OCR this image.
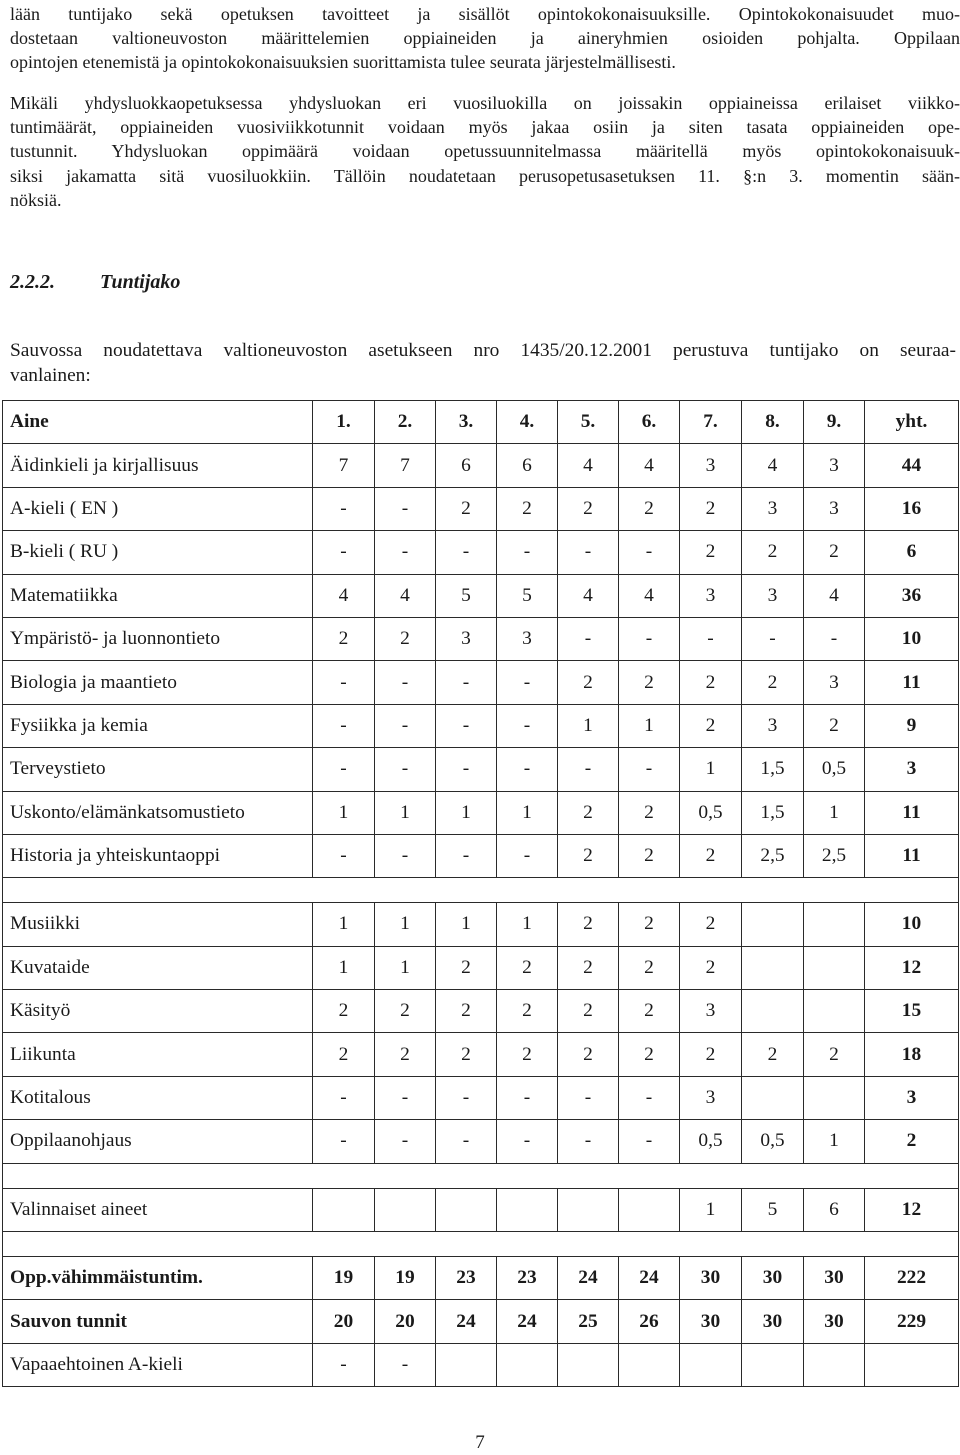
lään tuntijako sekä opetuksen tavoitteet ja sisällöt opintokokonaisuuksille. Opintokokonaisuudet muo-
dostetaan valtioneuvoston määrittelemien oppiaineiden ja aineryhmien osioiden pohjalta. Oppilaan
opintojen etenemistä ja opintokokonaisuuksien suorittamista tulee seurata järjestelmällisesti.
Mikäli yhdysluokkaopetuksessa yhdysluokan eri vuosiluokilla on joissakin oppiaineissa erilaiset viikko-
tuntimäärät, oppiaineiden vuosiviikkotunnit voidaan myös jakaa osiin ja siten tasata oppiaineiden ope-
tustunnit. Yhdysluokan oppimäärä voidaan opetussuunnitelmassa määritellä myös opintokokonaisuuk-
siksi jakamatta sitä vuosiluokkiin. Tällöin noudatetaan perusopetusasetuksen 11. §:n 3. momentin sään-
nöksiä.
2.2.2. Tuntijako
Sauvossa noudatettava valtioneuvoston asetukseen nro 1435/20.12.2001 perustuva tuntijako on seuraa-
vanlainen:
Aine	1.	2.	3.	4.	5.	6.	7.	8.	9.	yht.
Äidinkieli ja kirjallisuus	7	7	6	6	4	4	3	4	3	44
A-kieli ( EN )	-	-	2	2	2	2	2	3	3	16
B-kieli ( RU )	-	-	-	-	-	-	2	2	2	6
Matematiikka	4	4	5	5	4	4	3	3	4	36
Ympäristö- ja luonnontieto	2	2	3	3	-	-	-	-	-	10
Biologia ja maantieto	-	-	-	-	2	2	2	2	3	11
Fysiikka ja kemia	-	-	-	-	1	1	2	3	2	9
Terveystieto	-	-	-	-	-	-	1	1,5	0,5	3
Uskonto/elämänkatsomustieto	1	1	1	1	2	2	0,5	1,5	1	11
Historia ja yhteiskuntaoppi	-	-	-	-	2	2	2	2,5	2,5	11

Musiikki	1	1	1	1	2	2	2			10
Kuvataide	1	1	2	2	2	2	2			12
Käsityö	2	2	2	2	2	2	3			15
Liikunta	2	2	2	2	2	2	2	2	2	18
Kotitalous	-	-	-	-	-	-	3			3
Oppilaanohjaus	-	-	-	-	-	-	0,5	0,5	1	2

Valinnaiset aineet							1	5	6	12

Opp.vähimmäistuntim.	19	19	23	23	24	24	30	30	30	222
Sauvon tunnit	20	20	24	24	25	26	30	30	30	229
Vapaaehtoinen A-kieli	-	-								
7
